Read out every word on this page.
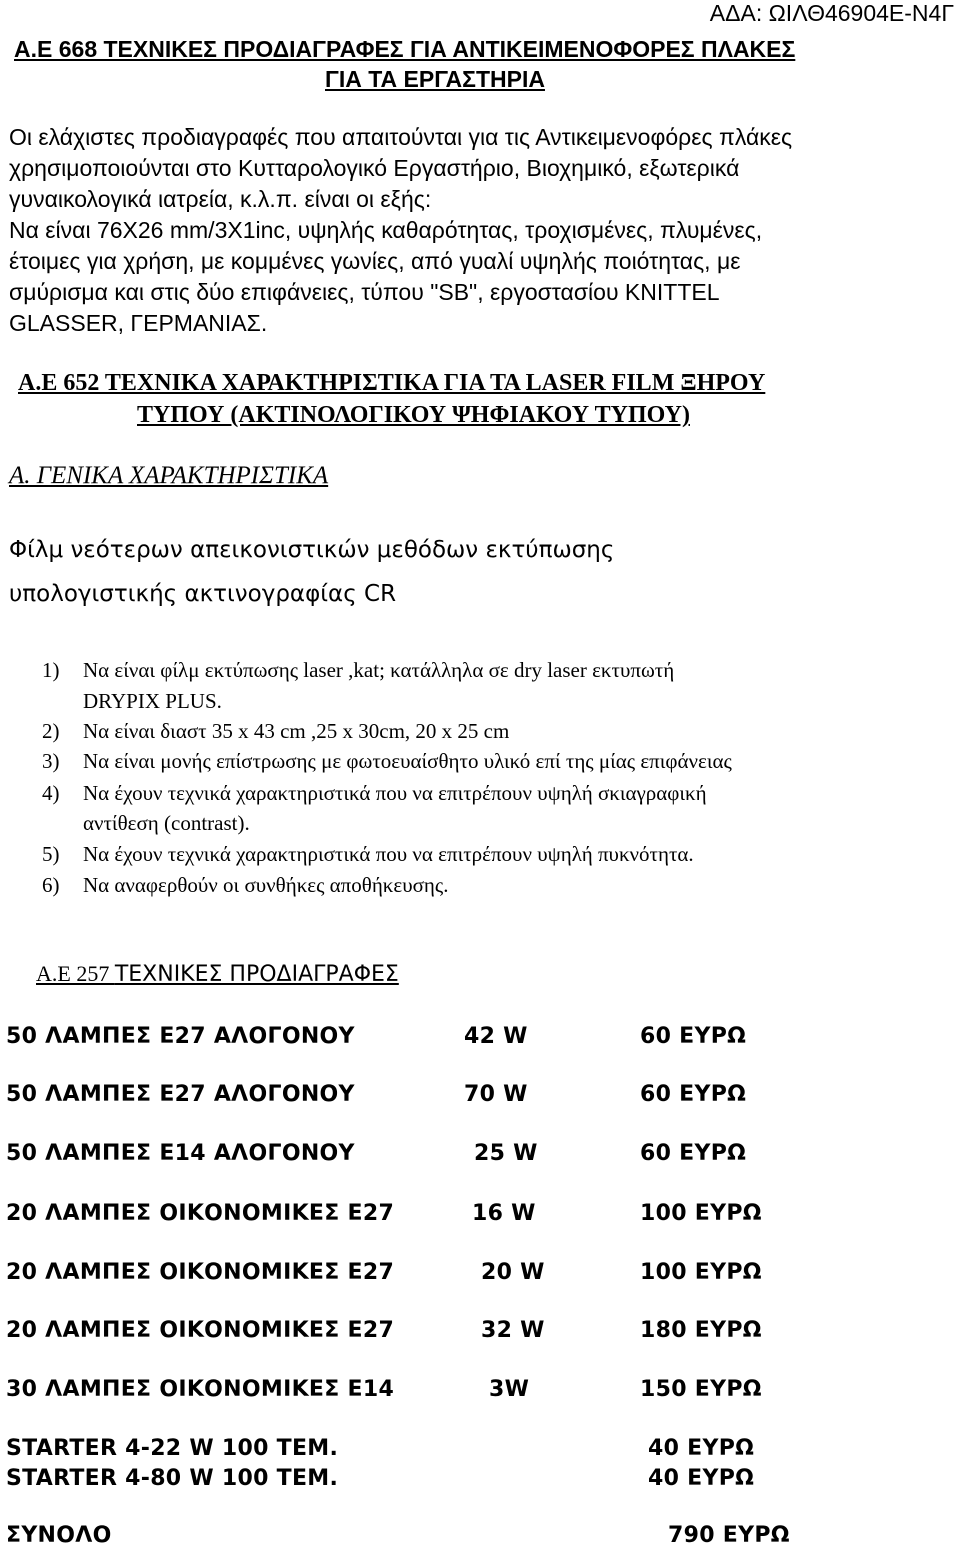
ΑΔΑ: ΩΙΛΘ46904Ε-Ν4Γ
Α.Ε 668 ΤΕΧΝΙΚΕΣ ΠΡΟΔΙΑΓΡΑΦΕΣ ΓΙΑ ΑΝΤΙΚΕΙΜΕΝΟΦΟΡΕΣ ΠΛΑΚΕΣ
ΓΙΑ ΤΑ ΕΡΓΑΣΤΗΡΙΑ
Οι ελάχιστες προδιαγραφές που απαιτούνται για τις Αντικειμενοφόρες πλάκες
χρησιμοποιούνται στο Κυτταρολογικό Εργαστήριο, Βιοχημικό, εξωτερικά
γυναικολογικά ιατρεία, κ.λ.π. είναι οι εξής:
Να είναι 76Χ26 mm/3X1inc, υψηλής καθαρότητας, τροχισμένες, πλυμένες,
έτοιμες για χρήση, με κομμένες γωνίες, από γυαλί υψηλής ποιότητας, με
σμύρισμα και στις δύο επιφάνειες, τύπου "SB", εργοστασίου KNITTEL
GLASSER, ΓΕΡΜΑΝΙΑΣ.
Α.Ε 652 ΤΕΧΝΙΚΑ ΧΑΡΑΚΤΗΡΙΣΤΙΚΑ ΓΙΑ ΤΑ LASER FILM ΞΗΡΟΥ
ΤΥΠΟΥ (ΑΚΤΙΝΟΛΟΓΙΚΟΥ ΨΗΦΙΑΚΟΥ ΤΥΠΟΥ)
Α. ΓΕΝΙΚΑ ΧΑΡΑΚΤΗΡΙΣΤΙΚΑ
Φίλμ νεότερων απεικονιστικών μεθόδων εκτύπωσης
υπολογιστικής ακτινογραφίας CR
1) Να είναι φίλμ εκτύπωσης laser ,kat; κατάλληλα σε dry laser εκτυπωτή
DRYPIX PLUS.
2) Να είναι διαστ 35 x 43 cm ,25 x 30cm, 20 x 25 cm
3) Να είναι μονής επίστρωσης με φωτοευαίσθητο υλικό επί της μίας επιφάνειας
4) Να έχουν τεχνικά χαρακτηριστικά που να επιτρέπουν υψηλή σκιαγραφική
αντίθεση (contrast).
5) Να έχουν τεχνικά χαρακτηριστικά που να επιτρέπουν υψηλή πυκνότητα.
6) Να αναφερθούν οι συνθήκες αποθήκευσης.
Α.Ε 257 ΤΕΧΝΙΚΕΣ ΠΡΟΔΙΑΓΡΑΦΕΣ
50 ΛΑΜΠΕΣ Ε27 ΑΛΟΓΟΝΟΥ	42 W	60 ΕΥΡΩ
50 ΛΑΜΠΕΣ Ε27 ΑΛΟΓΟΝΟΥ	70 W	60 ΕΥΡΩ
50 ΛΑΜΠΕΣ Ε14 ΑΛΟΓΟΝΟΥ	25 W	60 ΕΥΡΩ
20 ΛΑΜΠΕΣ ΟΙΚΟΝΟΜΙΚΕΣ Ε27	16 W	100 ΕΥΡΩ
20 ΛΑΜΠΕΣ ΟΙΚΟΝΟΜΙΚΕΣ Ε27	20 W	100 ΕΥΡΩ
20 ΛΑΜΠΕΣ ΟΙΚΟΝΟΜΙΚΕΣ Ε27	32 W	180 ΕΥΡΩ
30 ΛΑΜΠΕΣ ΟΙΚΟΝΟΜΙΚΕΣ Ε14	3W	150 ΕΥΡΩ
STARTER 4-22 W 100 TEM.	40 ΕΥΡΩ
STARTER 4-80 W 100 TEM.	40 ΕΥΡΩ
ΣΥΝΟΛΟ	790 ΕΥΡΩ
